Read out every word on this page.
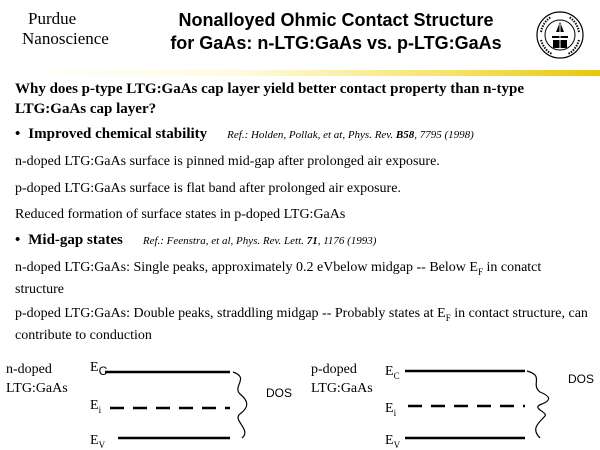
Purdue
Nanoscience
Nonalloyed Ohmic Contact Structure
for GaAs: n-LTG:GaAs vs. p-LTG:GaAs
Why does p-type LTG:GaAs cap layer yield better contact property than n-type LTG:GaAs cap layer?
• Improved chemical stability Ref.: Holden, Pollak, et at, Phys. Rev. B58, 7795 (1998)
n-doped LTG:GaAs surface is pinned mid-gap after prolonged air exposure.
p-doped LTG:GaAs surface is flat band after prolonged air exposure.
Reduced formation of surface states in p-doped LTG:GaAs
• Mid-gap states Ref.: Feenstra, et al, Phys. Rev. Lett. 71, 1176 (1993)
n-doped LTG:GaAs: Single peaks, approximately 0.2 eVbelow midgap -- Below $E_F$ in conatct structure
p-doped LTG:GaAs: Double peaks, straddling midgap -- Probably states at $E_F$ in contact structure, can contribute to conduction
n-doped
LTG:GaAs
EC
$E_i$
$E_V$
DOS
p-doped
LTG:GaAs
$E_C$
$E_i$
$E_V$
DOS
